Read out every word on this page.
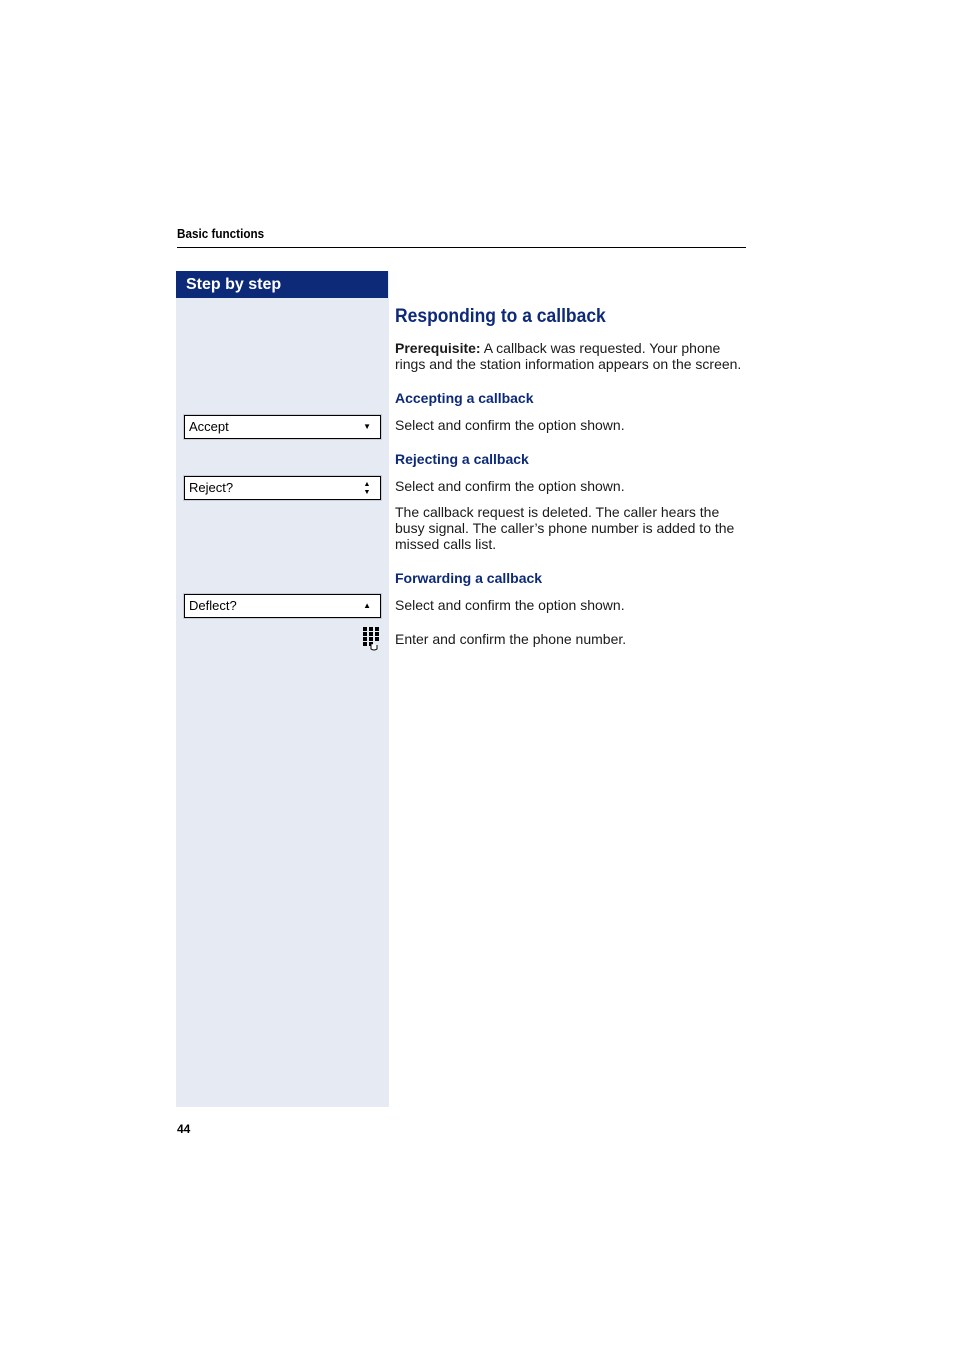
Basic functions
Step by step
Accept	▼
Reject?	▲
▼
Deflect?	▲
Responding to a callback
Prerequisite: A callback was requested. Your phone rings and the station information appears on the screen.
Accepting a callback
Select and confirm the option shown.
Rejecting a callback
Select and confirm the option shown.
The callback request is deleted. The caller hears the busy signal. The caller’s phone number is added to the missed calls list.
Forwarding a callback
Select and confirm the option shown.
Enter and confirm the phone number.
44
